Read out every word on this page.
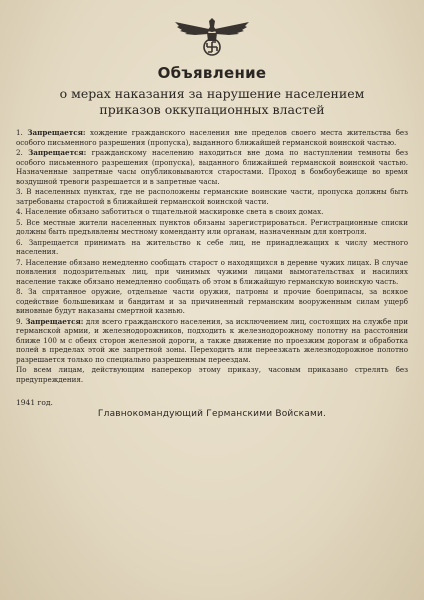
Объявление
о мерах наказания за нарушение населением
приказов оккупационных властей
1. Запрещается: хождение гражданского населения вне пределов своего места жительства без особого письменного разрешения (пропуска), выданного ближайшей германской воинской частью.
2. Запрещается: гражданскому населению находиться вне дома по наступлении темноты без особого письменного разрешения (пропуска), выданного ближайшей германской воинской частью. Назначенные запретные часы опубликовываются старостами. Проход в бомбоубежище во время воздушной тревоги разрешается и в запретные часы.
3. В населенных пунктах, где не расположены германские воинские части, пропуска должны быть затребованы старостой в ближайшей германской воинской части.
4. Население обязано заботиться о тщательной маскировке света в своих домах.
5. Все местные жители населенных пунктов обязаны зарегистрироваться. Регистрационные списки должны быть предъявлены местному коменданту или органам, назначенным для контроля.
6. Запрещается принимать на жительство к себе лиц, не принадлежащих к числу местного населения.
7. Население обязано немедленно сообщать старост о находящихся в деревне чужих лицах. В случае появления подозрительных лиц, при чинимых чужими лицами вымогательствах и насилиях население также обязано немедленно сообщать об этом в ближайшую германскую воинскую часть.
8. За спрятанное оружие, отдельные части оружия, патроны и прочие боеприпасы, за всякое содействие большевикам и бандитам и за причиненный германским вооруженным силам ущерб виновные будут наказаны смертной казнью.
9. Запрещается: для всего гражданского населения, за исключением лиц, состоящих на службе при германской армии, и железнодорожников, подходить к железнодорожному полотну на расстоянии ближе 100 м с обеих сторон железной дороги, а также движение по проезжим дорогам и обработка полей в пределах этой же запретной зоны. Переходить или переезжать железнодорожное полотно разрешается только по специально разрешенным переездам.
По всем лицам, действующим наперекор этому приказу, часовым приказано стрелять без предупреждения.
1941 год.
Главнокомандующий Германскими Войсками.
